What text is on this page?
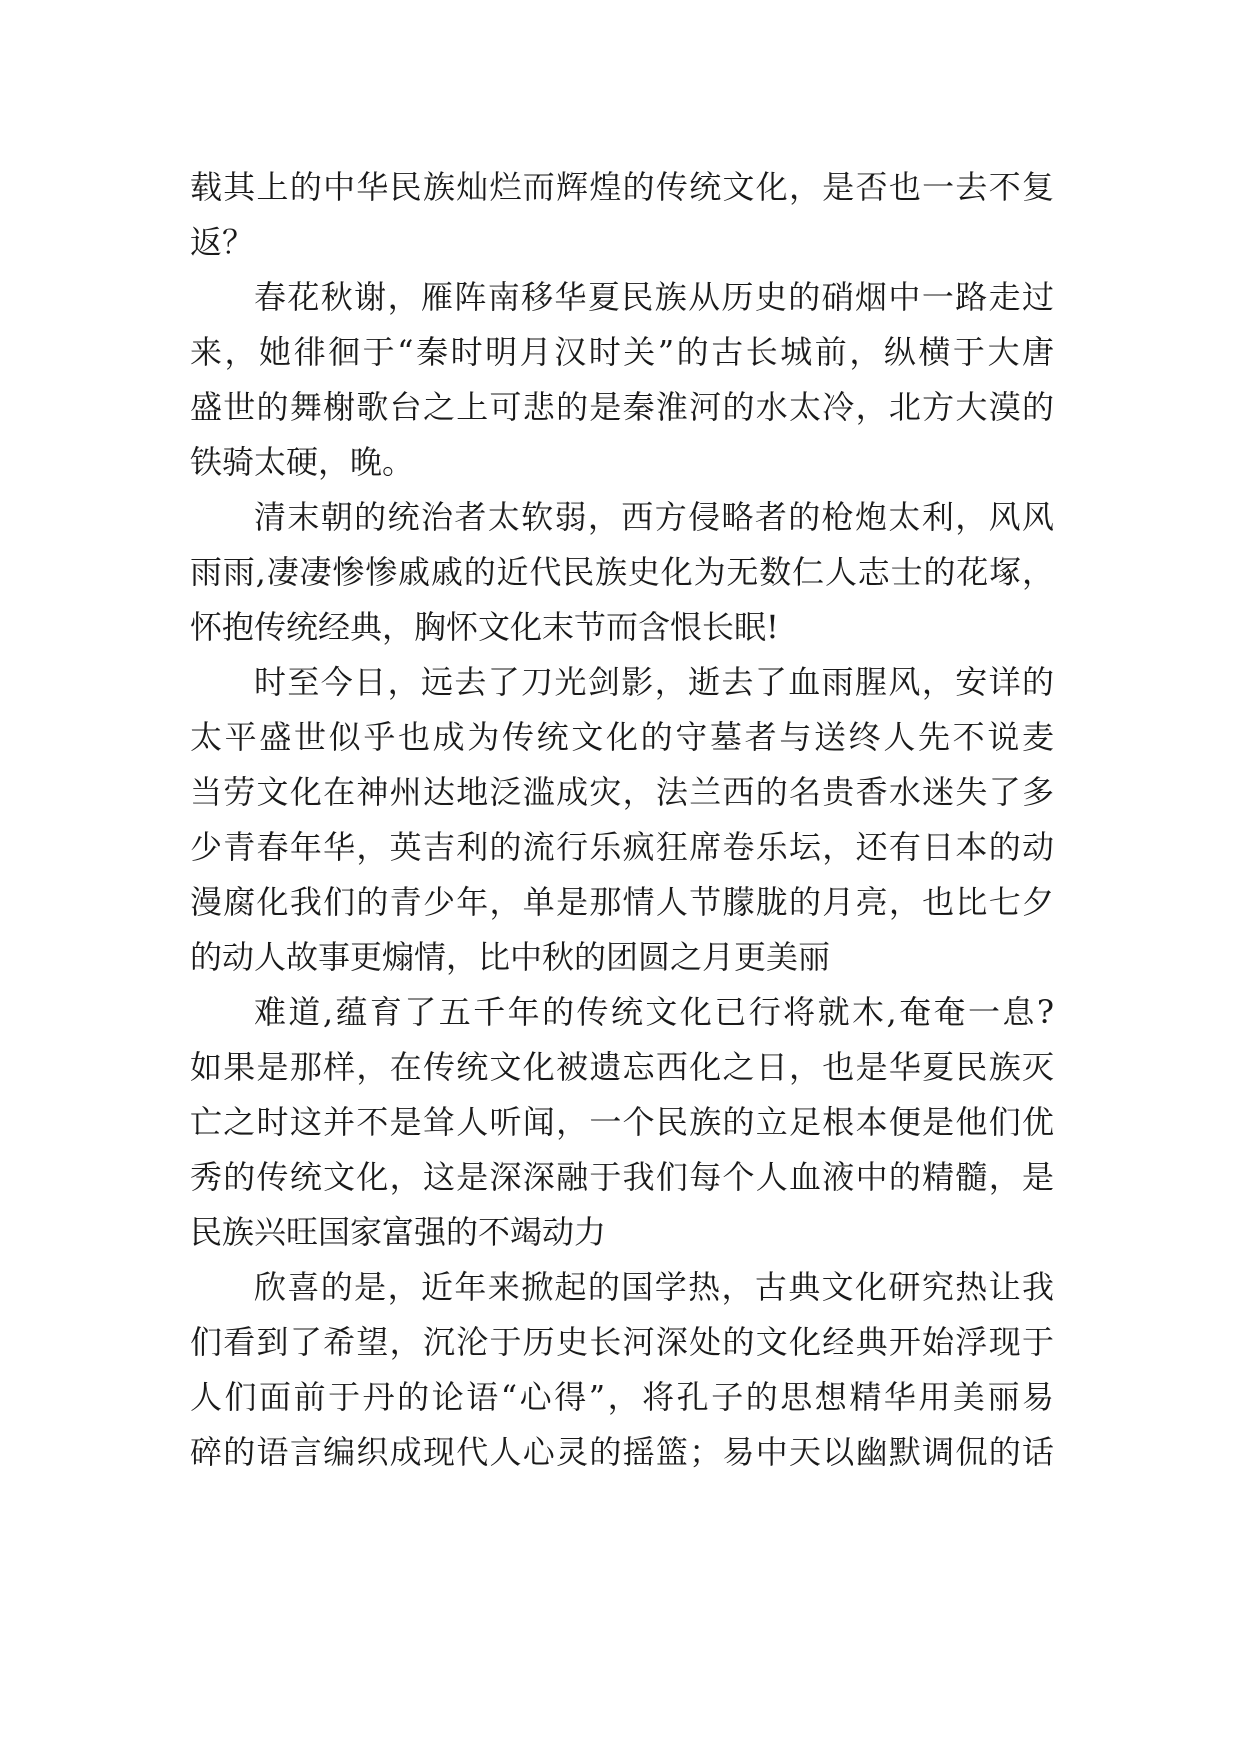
载其上的中华民族灿烂而辉煌的传统文化，是否也一去不复
返？
春花秋谢，雁阵南移华夏民族从历史的硝烟中一路走过
来，她徘徊于“秦时明月汉时关”的古长城前，纵横于大唐
盛世的舞榭歌台之上可悲的是秦淮河的水太冷，北方大漠的
铁骑太硬，晚。
清末朝的统治者太软弱，西方侵略者的枪炮太利，风风
雨雨,凄凄惨惨戚戚的近代民族史化为无数仁人志士的花塚，
怀抱传统经典，胸怀文化末节而含恨长眠!
时至今日，远去了刀光剑影，逝去了血雨腥风，安详的
太平盛世似乎也成为传统文化的守墓者与送终人先不说麦
当劳文化在神州达地泛滥成灾，法兰西的名贵香水迷失了多
少青春年华，英吉利的流行乐疯狂席卷乐坛，还有日本的动
漫腐化我们的青少年，单是那情人节朦胧的月亮，也比七夕
的动人故事更煽情，比中秋的团圆之月更美丽
难道,蕴育了五千年的传统文化已行将就木,奄奄一息?
如果是那样，在传统文化被遗忘西化之日，也是华夏民族灭
亡之时这并不是耸人听闻，一个民族的立足根本便是他们优
秀的传统文化，这是深深融于我们每个人血液中的精髓，是
民族兴旺国家富强的不竭动力
欣喜的是，近年来掀起的国学热，古典文化研究热让我
们看到了希望，沉沦于历史长河深处的文化经典开始浮现于
人们面前于丹的论语“心得”，将孔子的思想精华用美丽易
碎的语言编织成现代人心灵的摇篮；易中天以幽默调侃的话
